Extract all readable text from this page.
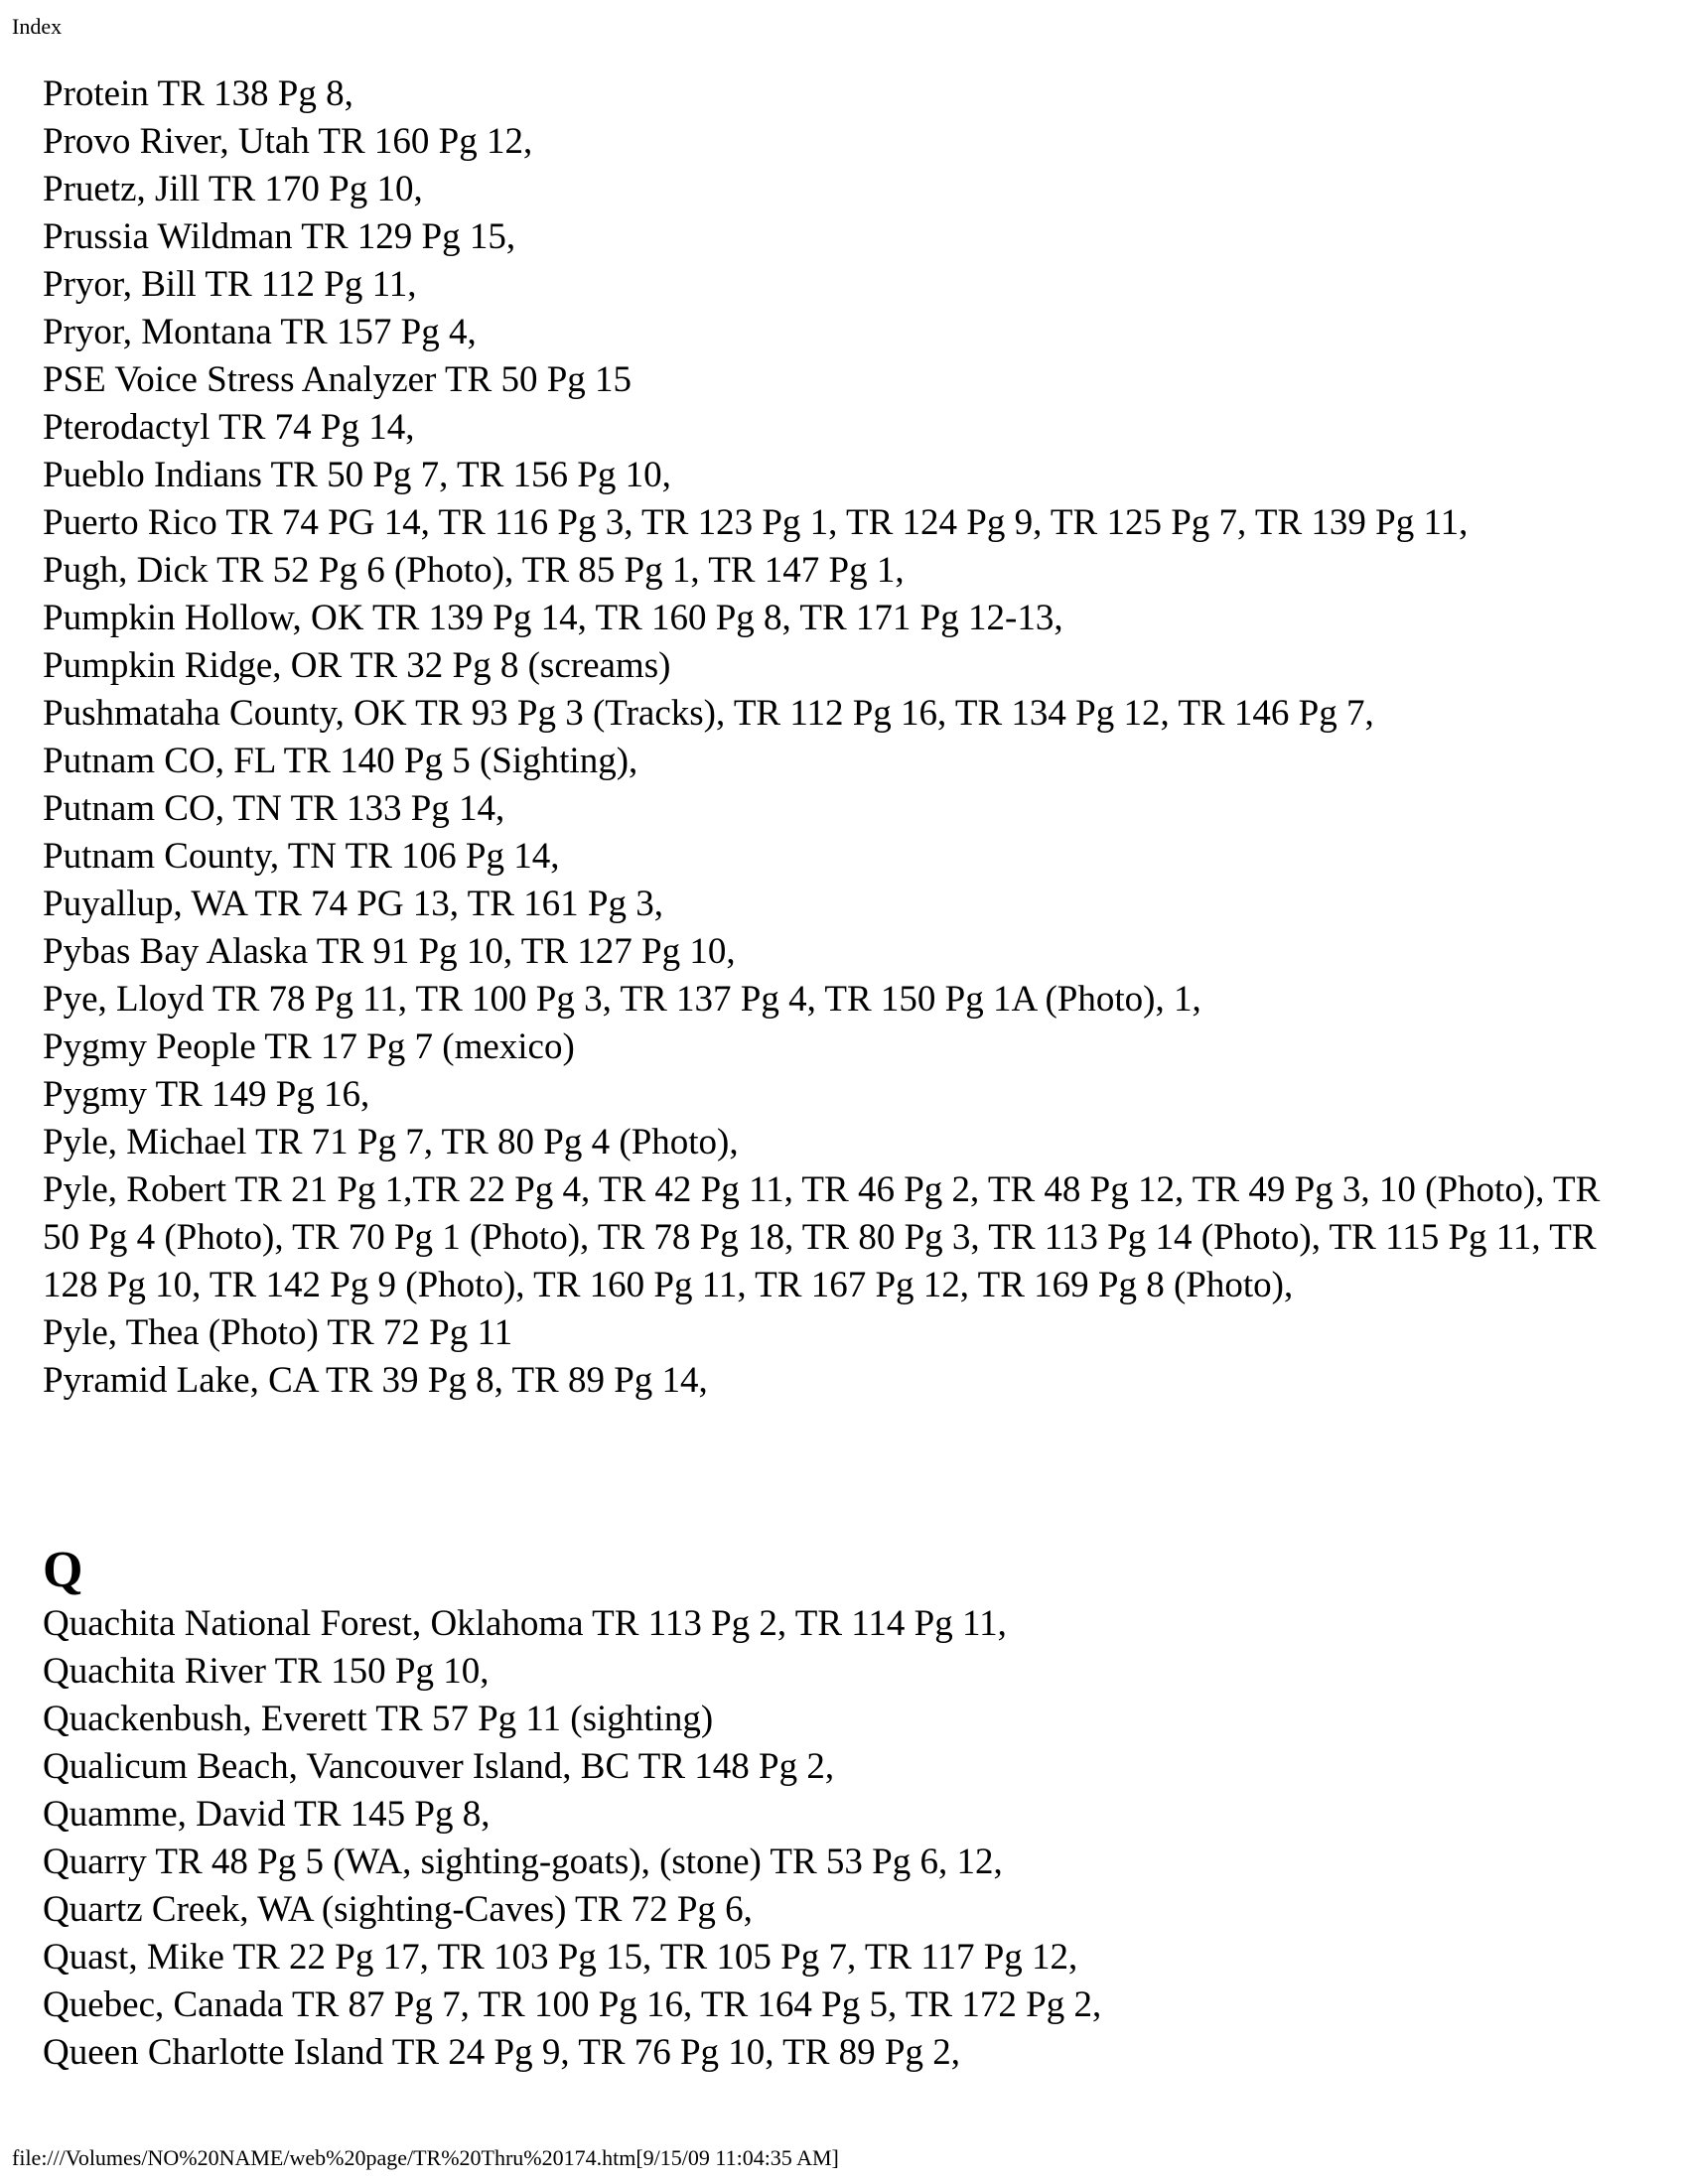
Index
Protein TR 138 Pg 8,
Provo River, Utah TR 160 Pg 12,
Pruetz, Jill TR 170 Pg 10,
Prussia Wildman TR 129 Pg 15,
Pryor, Bill TR 112 Pg 11,
Pryor, Montana TR 157 Pg 4,
PSE Voice Stress Analyzer TR 50 Pg 15
Pterodactyl TR 74 Pg 14,
Pueblo Indians TR 50 Pg 7, TR 156 Pg 10,
Puerto Rico TR 74 PG 14, TR 116 Pg 3, TR 123 Pg 1, TR 124 Pg 9, TR 125 Pg 7, TR 139 Pg 11,
Pugh, Dick TR 52 Pg 6 (Photo), TR 85 Pg 1, TR 147 Pg 1,
Pumpkin Hollow, OK TR 139 Pg 14, TR 160 Pg 8, TR 171 Pg 12-13,
Pumpkin Ridge, OR TR 32 Pg 8 (screams)
Pushmataha County, OK TR 93 Pg 3 (Tracks), TR 112 Pg 16, TR 134 Pg 12, TR 146 Pg 7,
Putnam CO, FL TR 140 Pg 5 (Sighting),
Putnam CO, TN TR 133 Pg 14,
Putnam County, TN TR 106 Pg 14,
Puyallup, WA TR 74 PG 13, TR 161 Pg 3,
Pybas Bay Alaska TR 91 Pg 10, TR 127 Pg 10,
Pye, Lloyd TR 78 Pg 11, TR 100 Pg 3, TR 137 Pg 4, TR 150 Pg 1A (Photo), 1,
Pygmy People TR 17 Pg 7 (mexico)
Pygmy TR 149 Pg 16,
Pyle, Michael TR 71 Pg 7, TR 80 Pg 4 (Photo),
Pyle, Robert TR 21 Pg 1,TR 22 Pg 4, TR 42 Pg 11, TR 46 Pg 2, TR 48 Pg 12, TR 49 Pg 3, 10 (Photo), TR 50 Pg 4 (Photo), TR 70 Pg 1 (Photo), TR 78 Pg 18, TR 80 Pg 3, TR 113 Pg 14 (Photo), TR 115 Pg 11, TR 128 Pg 10, TR 142 Pg 9 (Photo), TR 160 Pg 11, TR 167 Pg 12, TR 169 Pg 8 (Photo),
Pyle, Thea (Photo) TR 72 Pg 11
Pyramid Lake, CA TR 39 Pg 8, TR 89 Pg 14,
Q
Quachita National Forest, Oklahoma TR 113 Pg 2, TR 114 Pg 11,
Quachita River TR 150 Pg 10,
Quackenbush, Everett TR 57 Pg 11 (sighting)
Qualicum Beach, Vancouver Island, BC TR 148 Pg 2,
Quamme, David TR 145 Pg 8,
Quarry TR 48 Pg 5 (WA, sighting-goats), (stone) TR 53 Pg 6, 12,
Quartz Creek, WA (sighting-Caves) TR 72 Pg 6,
Quast, Mike TR 22 Pg 17, TR 103 Pg 15, TR 105 Pg 7, TR 117 Pg 12,
Quebec, Canada TR 87 Pg 7, TR 100 Pg 16, TR 164 Pg 5, TR 172 Pg 2,
Queen Charlotte Island TR 24 Pg 9, TR 76 Pg 10, TR 89 Pg 2,
file:///Volumes/NO%20NAME/web%20page/TR%20Thru%20174.htm[9/15/09 11:04:35 AM]
